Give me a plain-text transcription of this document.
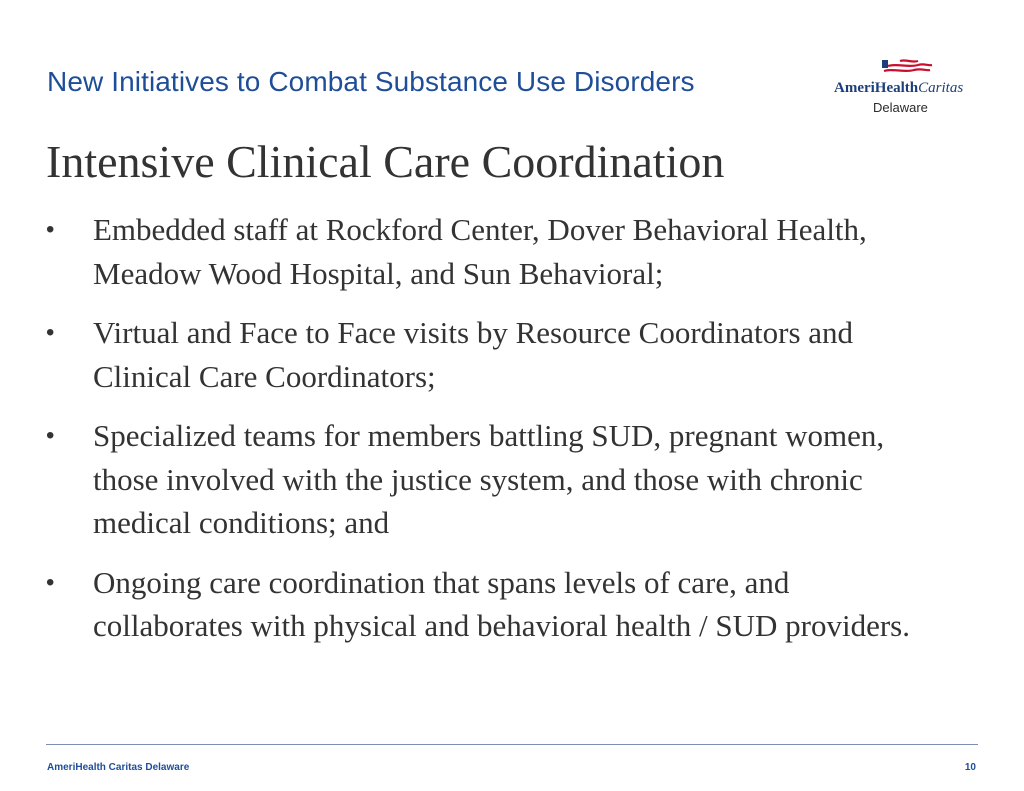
New Initiatives to Combat Substance Use Disorders	AmeriHealthCaritas
Delaware
Intensive Clinical Care Coordination
•	Embedded staff at Rockford Center, Dover Behavioral Health, Meadow Wood Hospital, and Sun Behavioral;
•	Virtual and Face to Face visits by Resource Coordinators and Clinical Care Coordinators;
•	Specialized teams for members battling SUD, pregnant women, those involved with the justice system, and those with chronic medical conditions; and
•	Ongoing care coordination that spans levels of care, and collaborates with physical and behavioral health / SUD providers.
AmeriHealth Caritas Delaware	10
